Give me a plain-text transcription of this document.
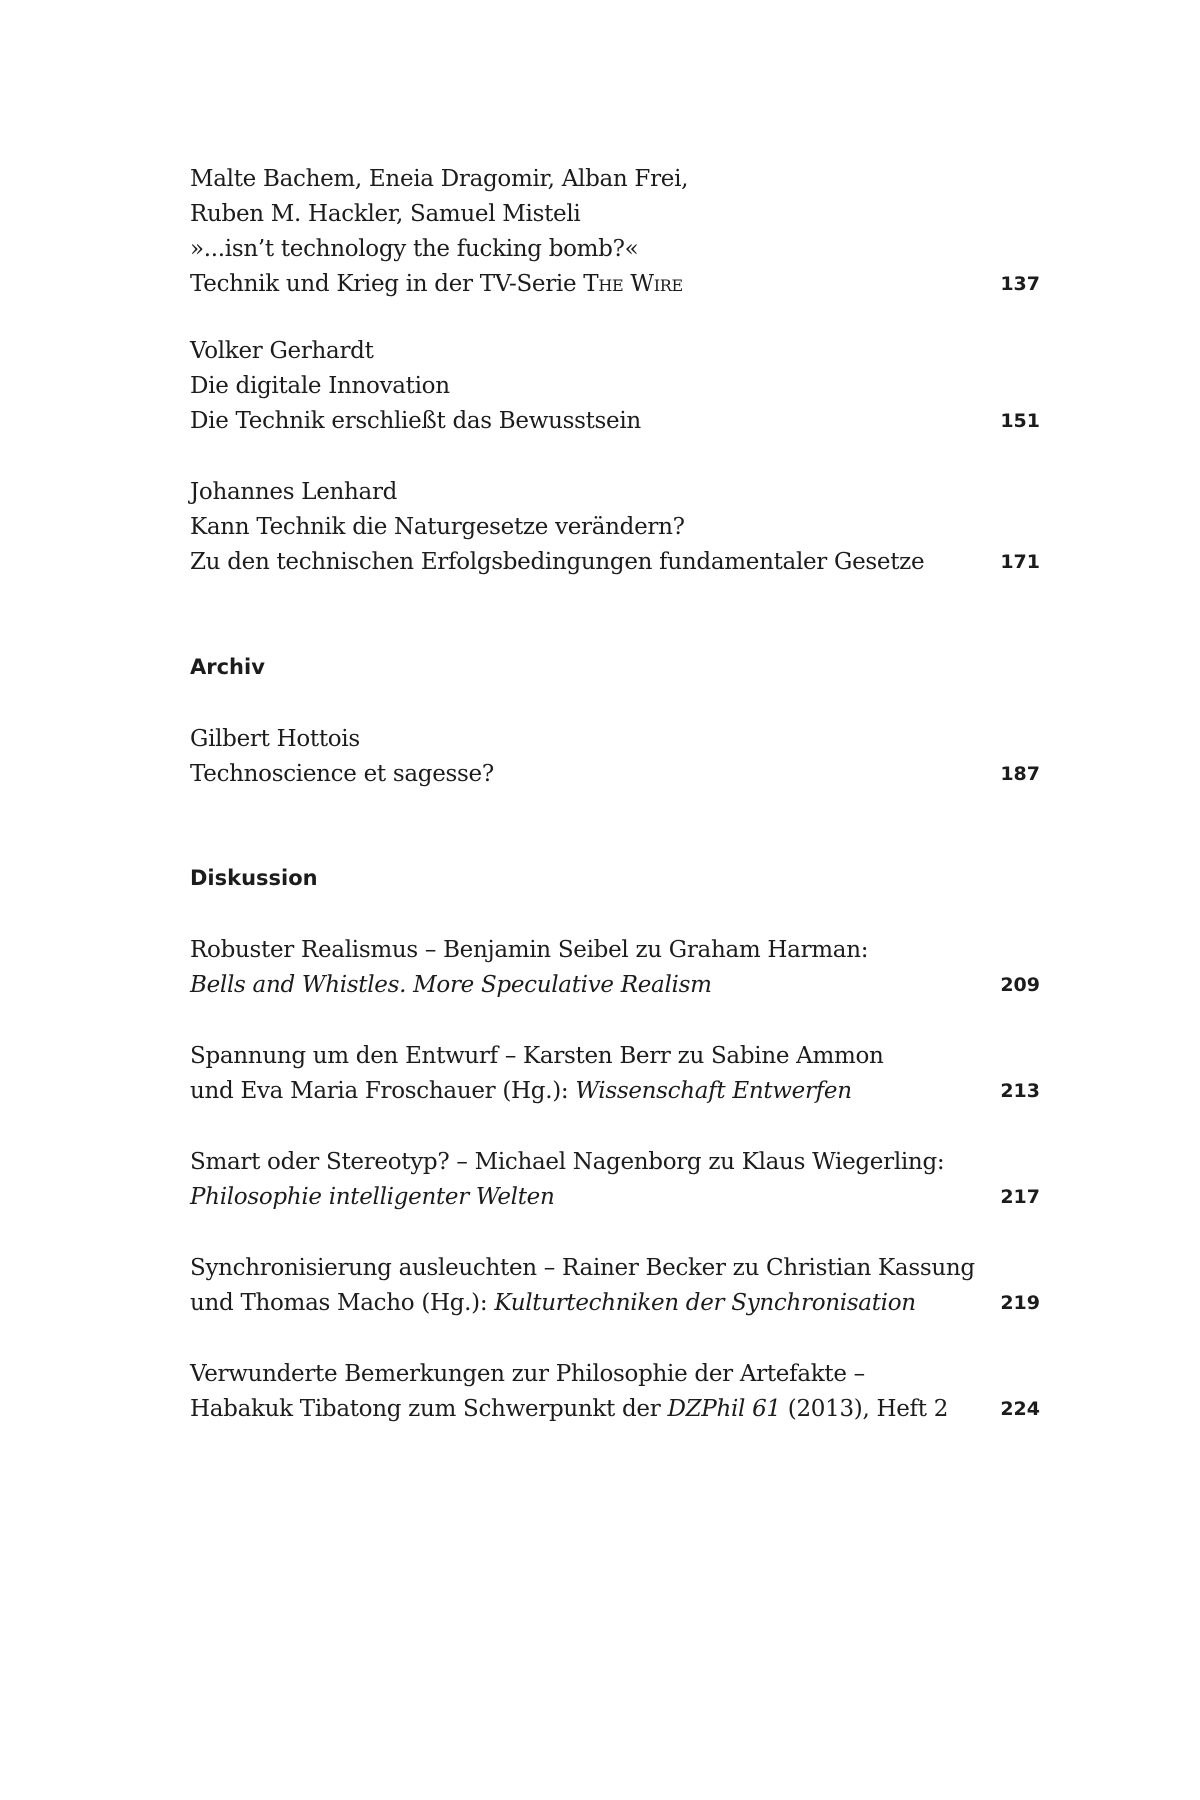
Malte Bachem, Eneia Dragomir, Alban Frei,
Ruben M. Hackler, Samuel Misteli
»...isn’t technology the fucking bomb?«
Technik und Krieg in der TV-Serie The Wire	137
Volker Gerhardt
Die digitale Innovation
Die Technik erschließt das Bewusstsein	151
Johannes Lenhard
Kann Technik die Naturgesetze verändern?
Zu den technischen Erfolgsbedingungen fundamentaler Gesetze	171
Archiv
Gilbert Hottois
Technoscience et sagesse?	187
Diskussion
Robuster Realismus – Benjamin Seibel zu Graham Harman:
Bells and Whistles. More Speculative Realism	209
Spannung um den Entwurf – Karsten Berr zu Sabine Ammon
und Eva Maria Froschauer (Hg.): Wissenschaft Entwerfen	213
Smart oder Stereotyp? – Michael Nagenborg zu Klaus Wiegerling:
Philosophie intelligenter Welten	217
Synchronisierung ausleuchten – Rainer Becker zu Christian Kassung
und Thomas Macho (Hg.): Kulturtechniken der Synchronisation	219
Verwunderte Bemerkungen zur Philosophie der Artefakte –
Habakuk Tibatong zum Schwerpunkt der DZPhil 61 (2013), Heft 2	224
